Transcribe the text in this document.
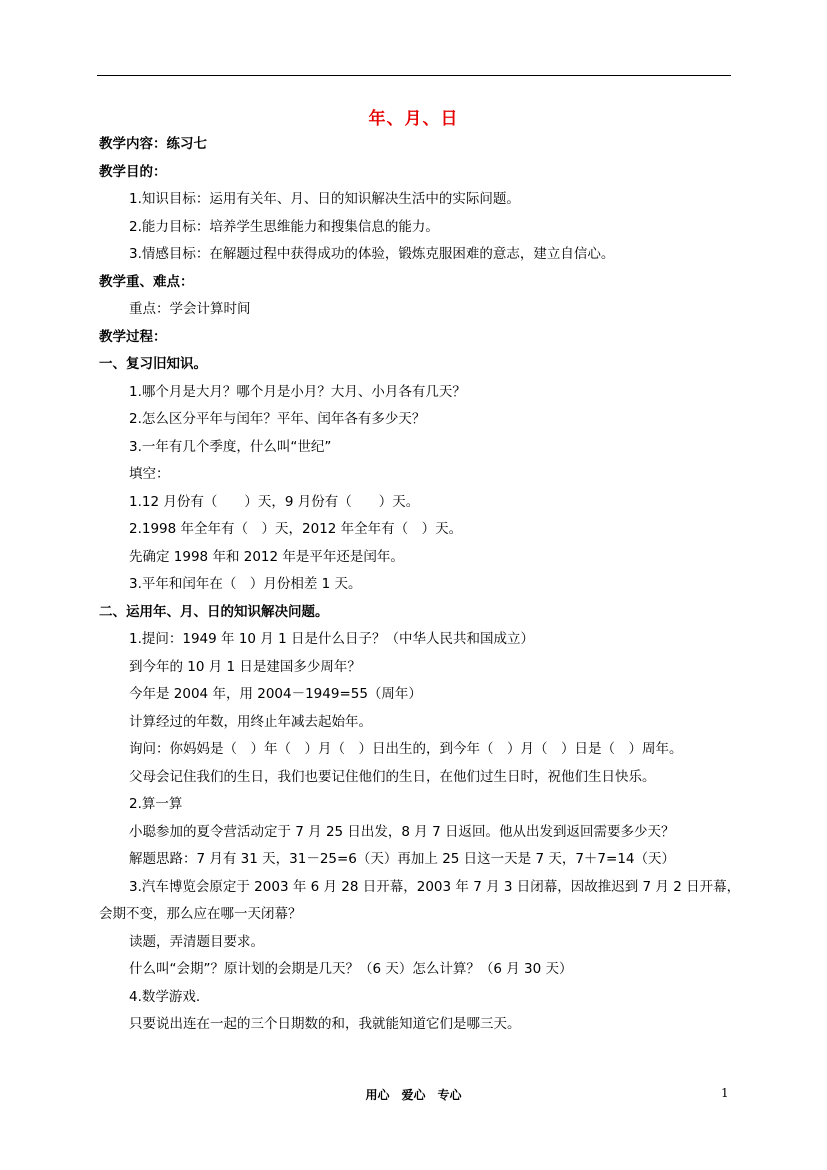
年、月、日
教学内容：练习七
教学目的：
1.知识目标：运用有关年、月、日的知识解决生活中的实际问题。
2.能力目标：培养学生思维能力和搜集信息的能力。
3.情感目标：在解题过程中获得成功的体验，锻炼克服困难的意志，建立自信心。
教学重、难点：
重点：学会计算时间
教学过程：
一、复习旧知识。
1.哪个月是大月？哪个月是小月？大月、小月各有几天？
2.怎么区分平年与闰年？平年、闰年各有多少天？
3.一年有几个季度，什么叫“世纪”
填空：
1.12 月份有（　　）天，9 月份有（　　）天。
2.1998 年全年有（　）天，2012 年全年有（　）天。
先确定 1998 年和 2012 年是平年还是闰年。
3.平年和闰年在（　）月份相差 1 天。
二、运用年、月、日的知识解决问题。
1.提问：1949 年 10 月 1 日是什么日子？（中华人民共和国成立）
到今年的 10 月 1 日是建国多少周年？
今年是 2004 年，用 2004－1949=55（周年）
计算经过的年数，用终止年减去起始年。
询问：你妈妈是（　）年（　）月（　）日出生的，到今年（　）月（　）日是（　）周年。
父母会记住我们的生日，我们也要记住他们的生日，在他们过生日时，祝他们生日快乐。
2.算一算
小聪参加的夏令营活动定于 7 月 25 日出发，8 月 7 日返回。他从出发到返回需要多少天？
解题思路：7 月有 31 天，31－25=6（天）再加上 25 日这一天是 7 天，7＋7=14（天）
3.汽车博览会原定于 2003 年 6 月 28 日开幕，2003 年 7 月 3 日闭幕，因故推迟到 7 月 2 日开幕，
会期不变，那么应在哪一天闭幕？
读题，弄清题目要求。
什么叫“会期”？原计划的会期是几天？（6 天）怎么计算？（6 月 30 天）
4.数学游戏.
只要说出连在一起的三个日期数的和，我就能知道它们是哪三天。
用心　爱心　专心	1
